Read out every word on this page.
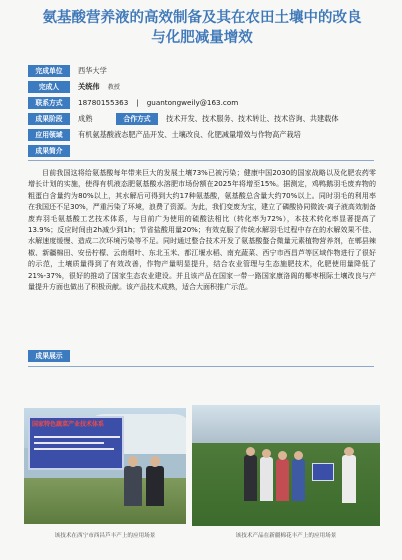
氨基酸营养液的高效制备及其在农田土壤中的改良
与化肥减量增效
完成单位	西华大学
完成人	关统伟 教授
联系方式	18780155363 | guantongweily@163.com
成果阶段	成熟	合作方式	技术开发、技术服务、技术转让、技术咨询、共建载体
应用领域	有机氨基酸液态肥产品开发、土壤改良、化肥减量增效与作物高产栽培
成果简介
目前我国这将给氨基酸每年带来巨大的发展土壤73%已被污染；健康中国2030的国家战略以及化肥农药零增长计划的实施，使得有机液态肥氨基酸水溶肥市场份额在2025年将增至15%。据测定，鸡鸭鹅羽毛废弃物的粗蛋白含量约为80%以上，其水解后可得到大约17种氨基酸，氨基酸总含量大约70%以上。同时羽毛的利用率在我国还不足30%，严重污染了环境，浪费了资源。为此，我们变废为宝，建立了磷酸协同微波-离子液高效制备废弃羽毛氨基酸工艺技术体系，与目前广为使用的硫酸法相比（转化率为72%），本技术转化率显著提高了13.9%；反应时间由2h减少到1h；节省盐酸用量20%；有效克服了传统水解羽毛过程中存在的水解效果不佳、水解速度缓慢、造成二次环境污染等不足。同时通过整合技术开发了氨基酸螯合微量元素植物营养剂，在郫县辣椒、新疆棉田、安岳柠檬、云南烟叶、东北玉米、都江堰水稻、南充蔬菜、西宁市西昌芦等区域作物进行了很好的示范，土壤质量得到了有效改善，作物产量明显提升，结合农业管理与生态施肥技术，化肥使用量降低了21%-37%，很好的推动了国家生态农业建设。并且该产品在国家一带一路国家康洛阁的椰枣根际土壤改良与产量提升方面也做出了积极贡献。该产品技术成熟，适合大面积推广示范。
成果展示
国家特色蔬菜产业技术体系
该技术在西宁市西昌芦丰产上的应用场景	该技术产品在新疆棉花丰产上的应用场景
